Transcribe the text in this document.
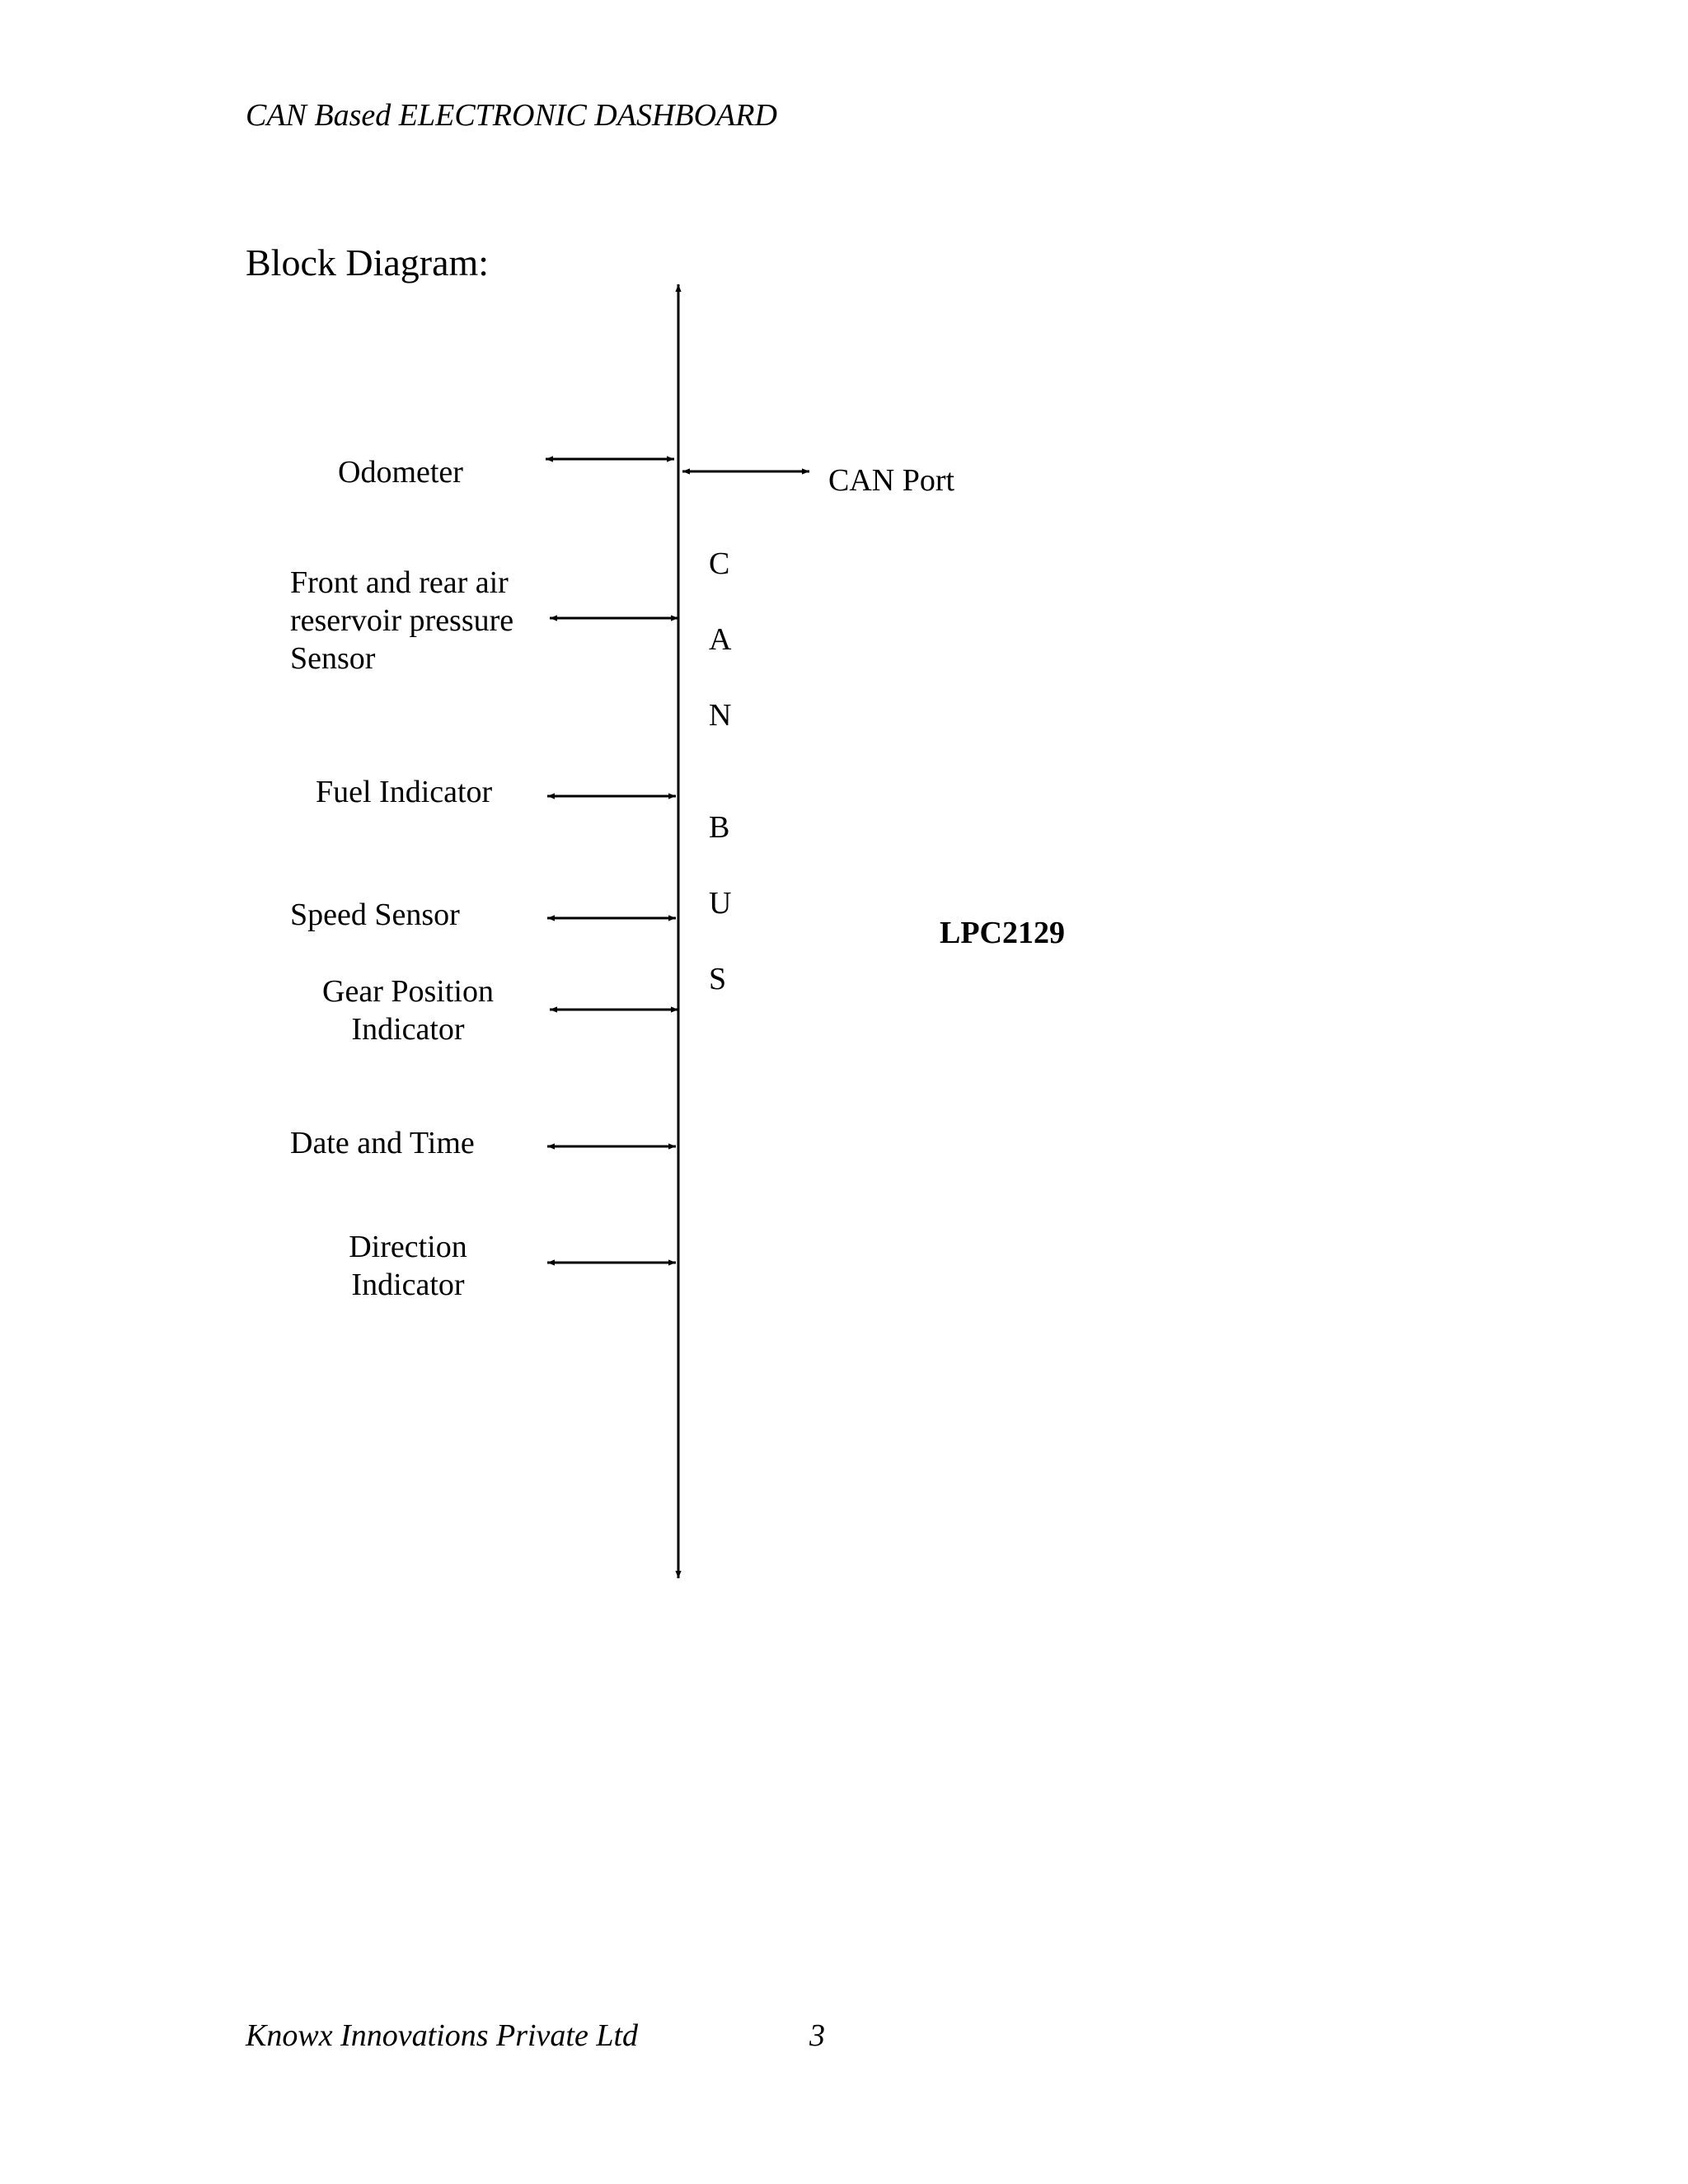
CAN Based ELECTRONIC DASHBOARD
Block Diagram:
Odometer
Front and rear air
reservoir pressure
Sensor
Fuel Indicator
Speed Sensor
Gear Position
Indicator
Date and Time
Direction
Indicator
CAN Port
LPC2129
C
A
N
B
U
S
Knowx Innovations Private Ltd	3
